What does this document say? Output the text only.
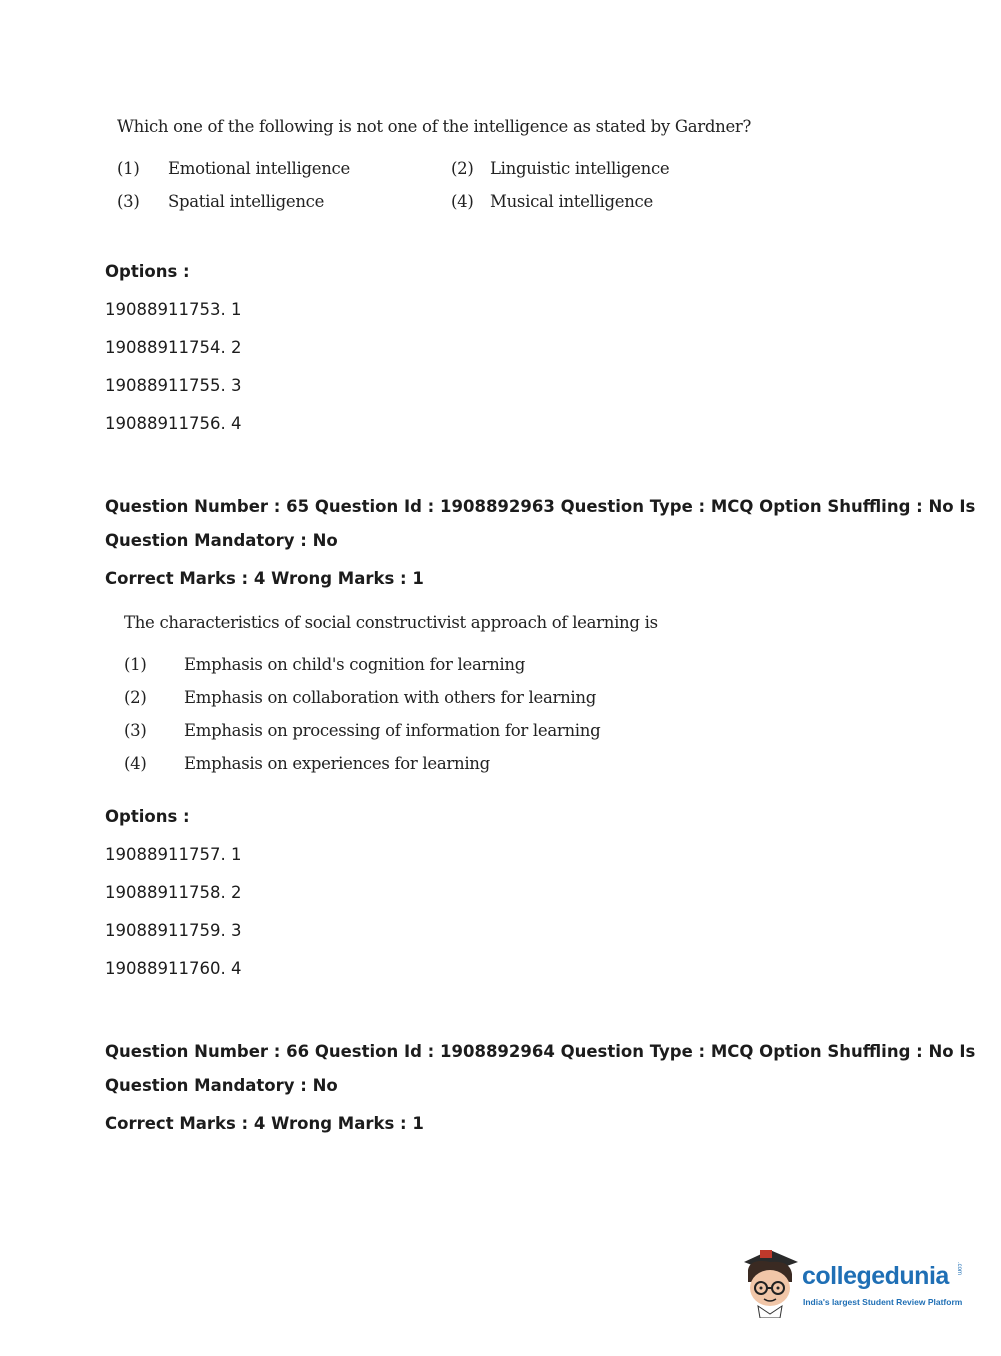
Which one of the following is not one of the intelligence as stated by Gardner?
(1)	Emotional intelligence	(2)	Linguistic intelligence
(3)	Spatial intelligence	(4)	Musical intelligence
Options :
19088911753. 1
19088911754. 2
19088911755. 3
19088911756. 4
Question Number : 65 Question Id : 1908892963 Question Type : MCQ Option Shuffling : No Is
Question Mandatory : No
Correct Marks : 4 Wrong Marks : 1
The characteristics of social constructivist approach of learning is
(1)	Emphasis on child's cognition for learning
(2)	Emphasis on collaboration with others for learning
(3)	Emphasis on processing of information for learning
(4)	Emphasis on experiences for learning
Options :
19088911757. 1
19088911758. 2
19088911759. 3
19088911760. 4
Question Number : 66 Question Id : 1908892964 Question Type : MCQ Option Shuffling : No Is
Question Mandatory : No
Correct Marks : 4 Wrong Marks : 1
collegedunia .com
India's largest Student Review Platform
